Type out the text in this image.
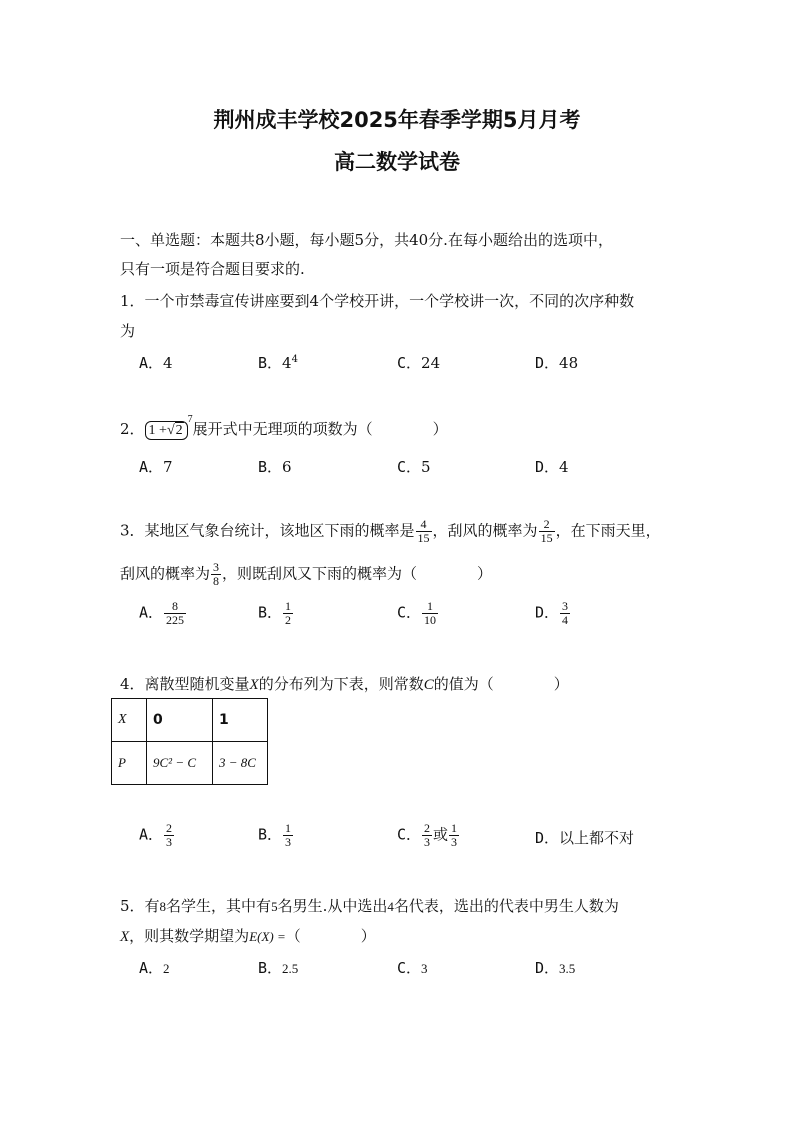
荆州成丰学校2025年春季学期5月月考
高二数学试卷
一、单选题：本题共8小题，每小题5分，共40分.在每小题给出的选项中，
只有一项是符合题目要求的.
1．一个市禁毒宣传讲座要到4个学校开讲，一个学校讲一次，不同的次序种数
为
A．4	B．$4^4$	C．24	D．48
2． $1 +√2^7$展开式中无理项的项数为（　　　　）
A．7	B．6	C．5	D．4
3．某地区气象台统计，该地区下雨的概率是 $\frac{4}{15}$ ，刮风的概率为 $\frac{2}{15}$ ，在下雨天里，
刮风的概率为 $\frac{3}{8}$ ，则既刮风又下雨的概率为（　　　　）
A． $\frac{8}{225}$	B． $\frac{1}{2}$	C． $\frac{1}{10}$	D． $\frac{3}{4}$
4．离散型随机变量X的分布列为下表，则常数C的值为（　　　　）
X	0	1
P	9C² − C	3 − 8C
A． $\frac{2}{3}$	B． $\frac{1}{3}$	C． $\frac{2}{3}$ 或 $\frac{1}{3}$	D．以上都不对
5．有8名学生，其中有5名男生.从中选出4名代表，选出的代表中男生人数为
X，则其数学期望为E(X) =（　　　　）
A．2	B．2.5	C．3	D．3.5
